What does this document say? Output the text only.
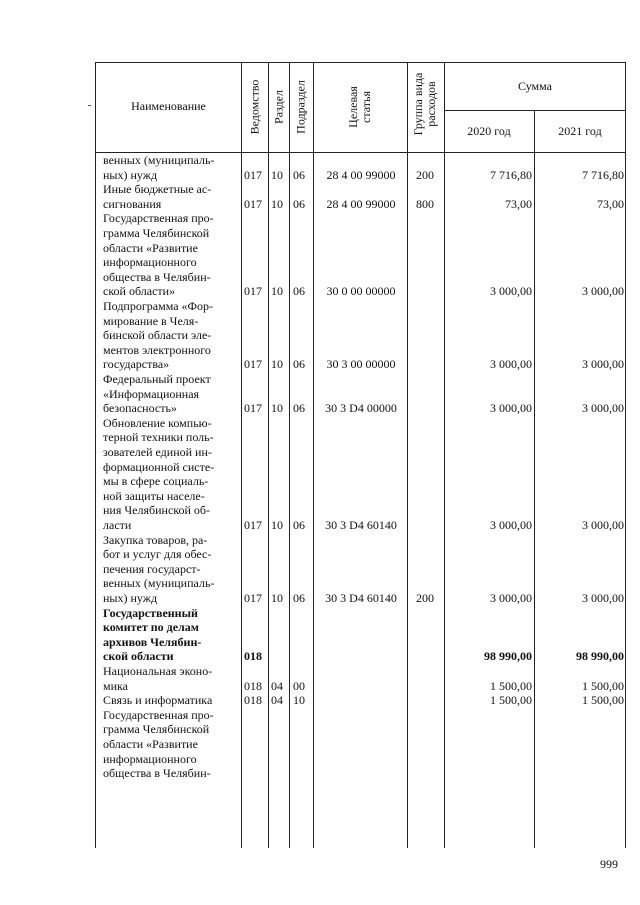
Наименование	Ведомство Раздел Подраздел	Целевая статья	Группа вида расходов	Сумма
2020 год	2021 год
венных (муниципаль-
ных) нужд	017 10 06	28 4 00 99000	200	7 716,80	7 716,80
Иные бюджетные ас-
сигнования	017 10 06	28 4 00 99000	800	73,00	73,00
Государственная про-
грамма Челябинской
области «Развитие
информационного
общества в Челябин-
ской области»	017 10 06	30 0 00 00000	3 000,00	3 000,00
Подпрограмма «Фор-
мирование в Челя-
бинской области эле-
ментов электронного
государства»	017 10 06	30 3 00 00000	3 000,00	3 000,00
Федеральный проект
«Информационная
безопасность»	017 10 06	30 3 D4 00000	3 000,00	3 000,00
Обновление компью-
терной техники поль-
зователей единой ин-
формационной систе-
мы в сфере социаль-
ной защиты населе-
ния Челябинской об-
ласти	017 10 06	30 3 D4 60140	3 000,00	3 000,00
Закупка товаров, ра-
бот и услуг для обес-
печения государст-
венных (муниципаль-
ных) нужд	017 10 06	30 3 D4 60140	200	3 000,00	3 000,00
Государственный
комитет по делам
архивов Челябин-
ской области	018	98 990,00	98 990,00
Национальная эконо-
мика	018 04 00	1 500,00	1 500,00
Связь и информатика	018 04 10	1 500,00	1 500,00
Государственная про-
грамма Челябинской
области «Развитие
информационного
общества в Челябин-
999
